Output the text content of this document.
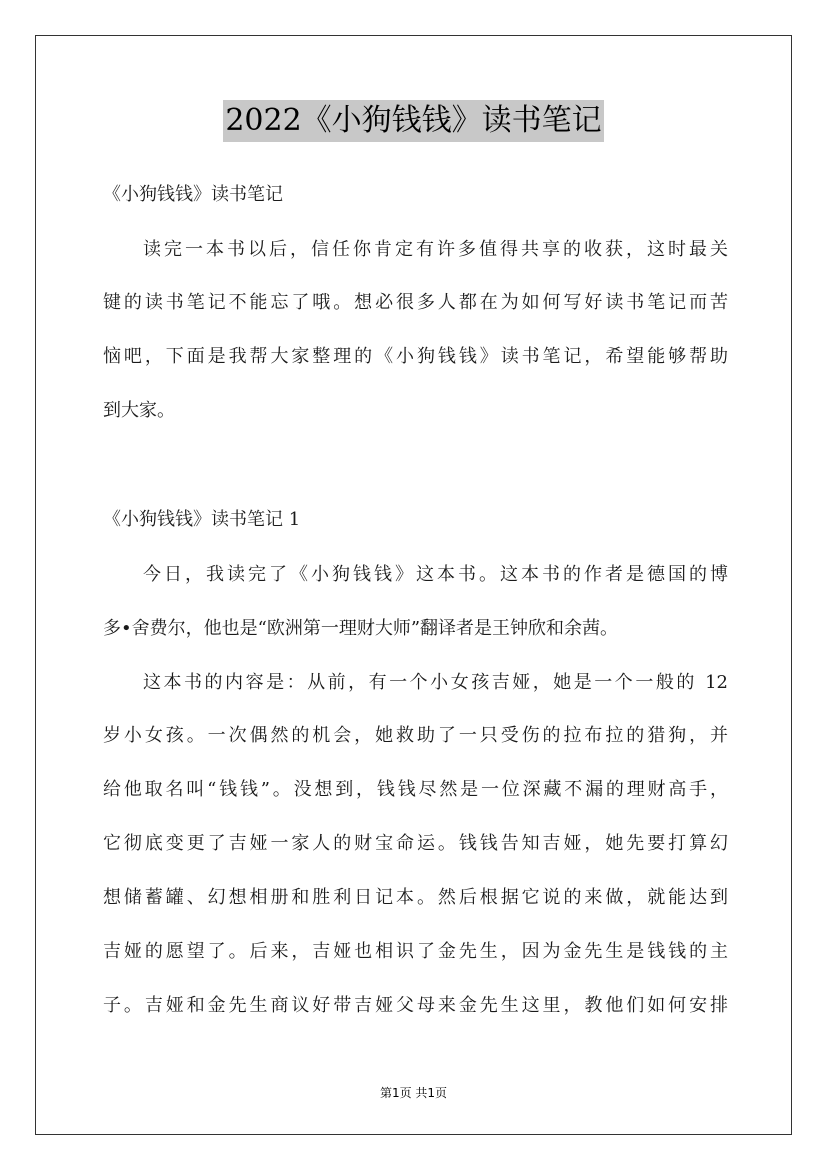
2022《小狗钱钱》读书笔记
《小狗钱钱》读书笔记
读完一本书以后，信任你肯定有许多值得共享的收获，这时最关
键的读书笔记不能忘了哦。想必很多人都在为如何写好读书笔记而苦
恼吧，下面是我帮大家整理的《小狗钱钱》读书笔记，希望能够帮助
到大家。
《小狗钱钱》读书笔记 1
今日，我读完了《小狗钱钱》这本书。这本书的作者是德国的博
多•舍费尔，他也是“欧洲第一理财大师”翻译者是王钟欣和余茜。
这本书的内容是：从前，有一个小女孩吉娅，她是一个一般的 12
岁小女孩。一次偶然的机会，她救助了一只受伤的拉布拉的猎狗，并
给他取名叫“钱钱”。没想到，钱钱尽然是一位深藏不漏的理财高手，
它彻底变更了吉娅一家人的财宝命运。钱钱告知吉娅，她先要打算幻
想储蓄罐、幻想相册和胜利日记本。然后根据它说的来做，就能达到
吉娅的愿望了。后来，吉娅也相识了金先生，因为金先生是钱钱的主
子。吉娅和金先生商议好带吉娅父母来金先生这里，教他们如何安排
第1页 共1页
